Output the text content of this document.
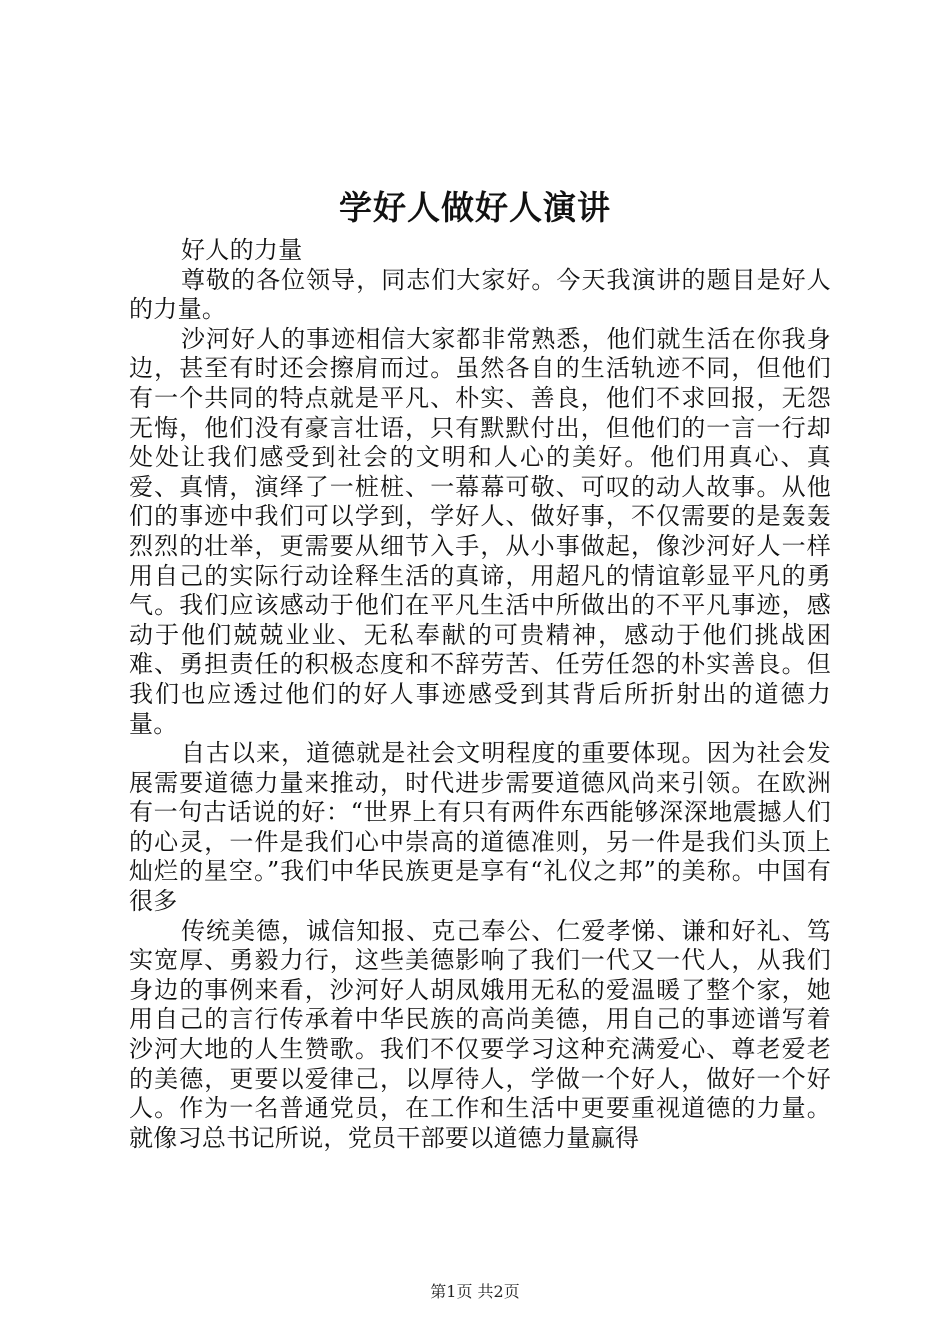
学好人做好人演讲

好人的力量

尊敬的各位领导，同志们大家好。今天我演讲的题目是好人的力量。

沙河好人的事迹相信大家都非常熟悉，他们就生活在你我身边，甚至有时还会擦肩而过。虽然各自的生活轨迹不同，但他们有一个共同的特点就是平凡、朴实、善良，他们不求回报，无怨无悔，他们没有豪言壮语，只有默默付出，但他们的一言一行却处处让我们感受到社会的文明和人心的美好。他们用真心、真爱、真情，演绎了一桩桩、一幕幕可敬、可叹的动人故事。从他们的事迹中我们可以学到，学好人、做好事，不仅需要的是轰轰烈烈的壮举，更需要从细节入手，从小事做起，像沙河好人一样用自己的实际行动诠释生活的真谛，用超凡的情谊彰显平凡的勇气。我们应该感动于他们在平凡生活中所做出的不平凡事迹，感动于他们兢兢业业、无私奉献的可贵精神，感动于他们挑战困难、勇担责任的积极态度和不辞劳苦、任劳任怨的朴实善良。但我们也应透过他们的好人事迹感受到其背后所折射出的道德力量。

自古以来，道德就是社会文明程度的重要体现。因为社会发展需要道德力量来推动，时代进步需要道德风尚来引领。在欧洲有一句古话说的好：“世界上有只有两件东西能够深深地震撼人们的心灵，一件是我们心中崇高的道德准则，另一件是我们头顶上灿烂的星空。”我们中华民族更是享有“礼仪之邦”的美称。中国有很多

传统美德，诚信知报、克己奉公、仁爱孝悌、谦和好礼、笃实宽厚、勇毅力行，这些美德影响了我们一代又一代人，从我们身边的事例来看，沙河好人胡凤娥用无私的爱温暖了整个家，她用自己的言行传承着中华民族的高尚美德，用自己的事迹谱写着沙河大地的人生赞歌。我们不仅要学习这种充满爱心、尊老爱老的美德，更要以爱律己，以厚待人，学做一个好人，做好一个好人。作为一名普通党员，在工作和生活中更要重视道德的力量。就像习总书记所说，党员干部要以道德力量赢得

第1页 共2页
